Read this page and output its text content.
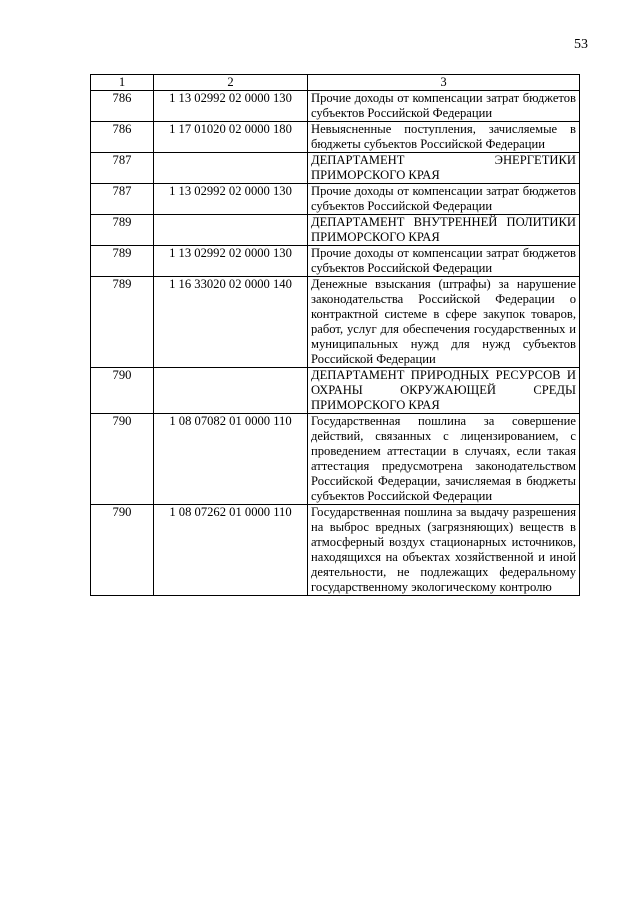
53
1	2	3
786	1 13 02992 02 0000 130	Прочие доходы от компенсации затрат бюджетов субъектов Российской Федерации
786	1 17 01020 02 0000 180	Невыясненные поступления, зачисляемые в бюджеты субъектов Российской Федерации
787		ДЕПАРТАМЕНТ ЭНЕРГЕТИКИ ПРИМОРСКОГО КРАЯ
787	1 13 02992 02 0000 130	Прочие доходы от компенсации затрат бюджетов субъектов Российской Федерации
789		ДЕПАРТАМЕНТ ВНУТРЕННЕЙ ПОЛИТИКИ ПРИМОРСКОГО КРАЯ
789	1 13 02992 02 0000 130	Прочие доходы от компенсации затрат бюджетов субъектов Российской Федерации
789	1 16 33020 02 0000 140	Денежные взыскания (штрафы) за нарушение законодательства Российской Федерации о контрактной системе в сфере закупок товаров, работ, услуг для обеспечения государственных и муниципальных нужд для нужд субъектов Российской Федерации
790		ДЕПАРТАМЕНТ ПРИРОДНЫХ РЕСУРСОВ И ОХРАНЫ ОКРУЖАЮЩЕЙ СРЕДЫ ПРИМОРСКОГО КРАЯ
790	1 08 07082 01 0000 110	Государственная пошлина за совершение действий, связанных с лицензированием, с проведением аттестации в случаях, если такая аттестация предусмотрена законодательством Российской Федерации, зачисляемая в бюджеты субъектов Российской Федерации
790	1 08 07262 01 0000 110	Государственная пошлина за выдачу разрешения на выброс вредных (загрязняющих) веществ в атмосферный воздух стационарных источников, находящихся на объектах хозяйственной и иной деятельности, не подлежащих федеральному государственному экологическому контролю
